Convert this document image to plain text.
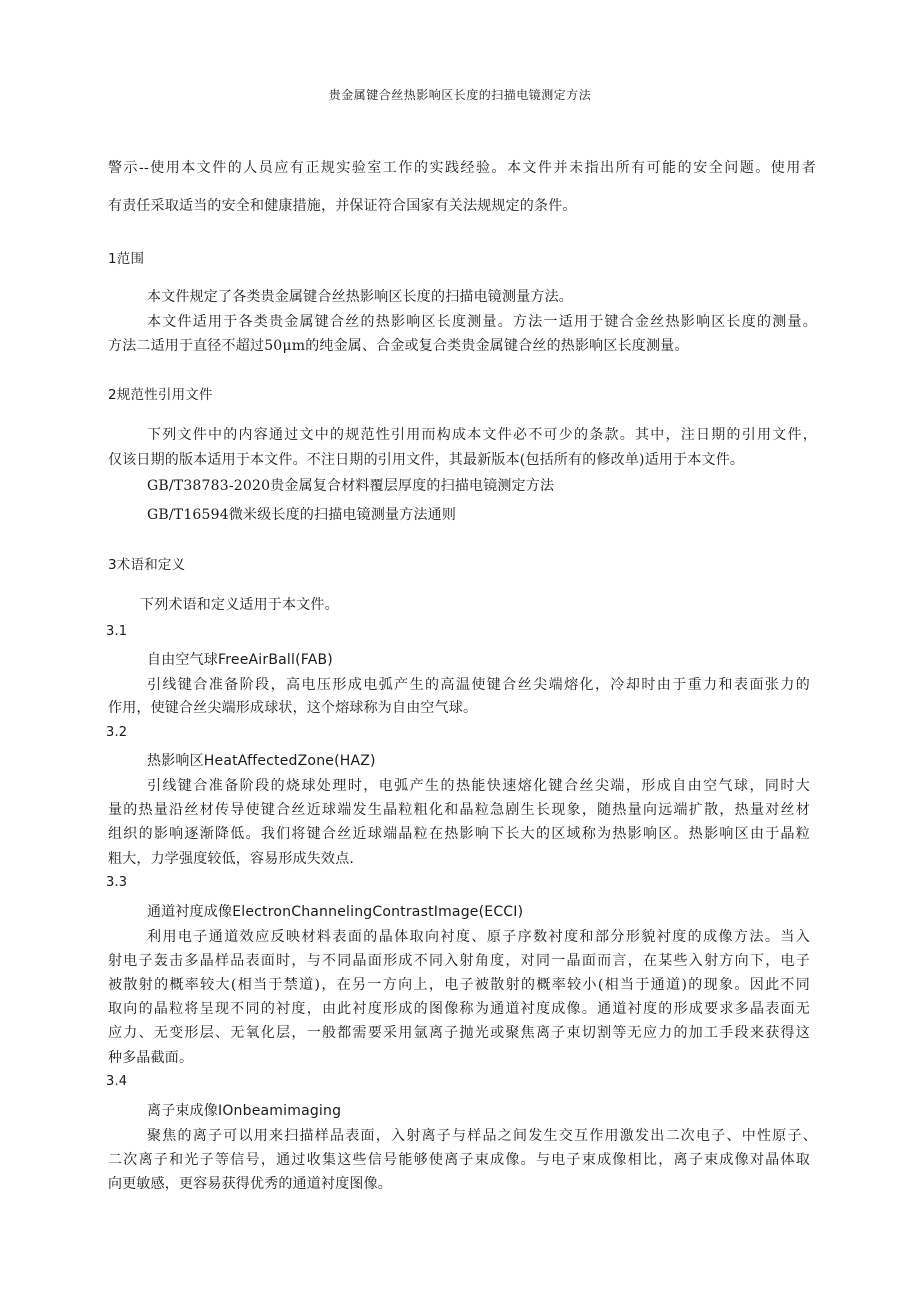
贵金属键合丝热影响区长度的扫描电镜测定方法
警示--使用本文件的人员应有正规实验室工作的实践经验。本文件并未指出所有可能的安全问题。使用者
有责任采取适当的安全和健康措施，并保证符合国家有关法规规定的条件。
1范围
本文件规定了各类贵金属键合丝热影响区长度的扫描电镜测量方法。
本文件适用于各类贵金属键合丝的热影响区长度测量。方法一适用于键合金丝热影响区长度的测量。
方法二适用于直径不超过50μm的纯金属、合金或复合类贵金属键合丝的热影响区长度测量。
2规范性引用文件
下列文件中的内容通过文中的规范性引用而构成本文件必不可少的条款。其中，注日期的引用文件，
仅该日期的版本适用于本文件。不注日期的引用文件，其最新版本(包括所有的修改单)适用于本文件。
GB/T38783-2020贵金属复合材料覆层厚度的扫描电镜测定方法
GB/T16594微米级长度的扫描电镜测量方法通则
3术语和定义
下列术语和定义适用于本文件。
3.1
自由空气球FreeAirBall(FAB)
引线键合准备阶段，高电压形成电弧产生的高温使键合丝尖端熔化，冷却时由于重力和表面张力的
作用，使键合丝尖端形成球状，这个熔球称为自由空气球。
3.2
热影响区HeatAffectedZone(HAZ)
引线键合准备阶段的烧球处理时，电弧产生的热能快速熔化键合丝尖端，形成自由空气球，同时大
量的热量沿丝材传导使键合丝近球端发生晶粒粗化和晶粒急剧生长现象，随热量向远端扩散，热量对丝材
组织的影响逐渐降低。我们将键合丝近球端晶粒在热影响下长大的区域称为热影响区。热影响区由于晶粒
粗大，力学强度较低，容易形成失效点.
3.3
通道衬度成像ElectronChannelingContrastImage(ECCI)
利用电子通道效应反映材料表面的晶体取向衬度、原子序数衬度和部分形貌衬度的成像方法。当入
射电子轰击多晶样品表面时，与不同晶面形成不同入射角度，对同一晶面而言，在某些入射方向下，电子
被散射的概率较大(相当于禁道)，在另一方向上，电子被散射的概率较小(相当于通道)的现象。因此不同
取向的晶粒将呈现不同的衬度，由此衬度形成的图像称为通道衬度成像。通道衬度的形成要求多晶表面无
应力、无变形层、无氧化层，一般都需要采用氩离子抛光或聚焦离子束切割等无应力的加工手段来获得这
种多晶截面。
3.4
离子束成像IOnbeamimaging
聚焦的离子可以用来扫描样品表面，入射离子与样品之间发生交互作用激发出二次电子、中性原子、
二次离子和光子等信号，通过收集这些信号能够使离子束成像。与电子束成像相比，离子束成像对晶体取
向更敏感，更容易获得优秀的通道衬度图像。
